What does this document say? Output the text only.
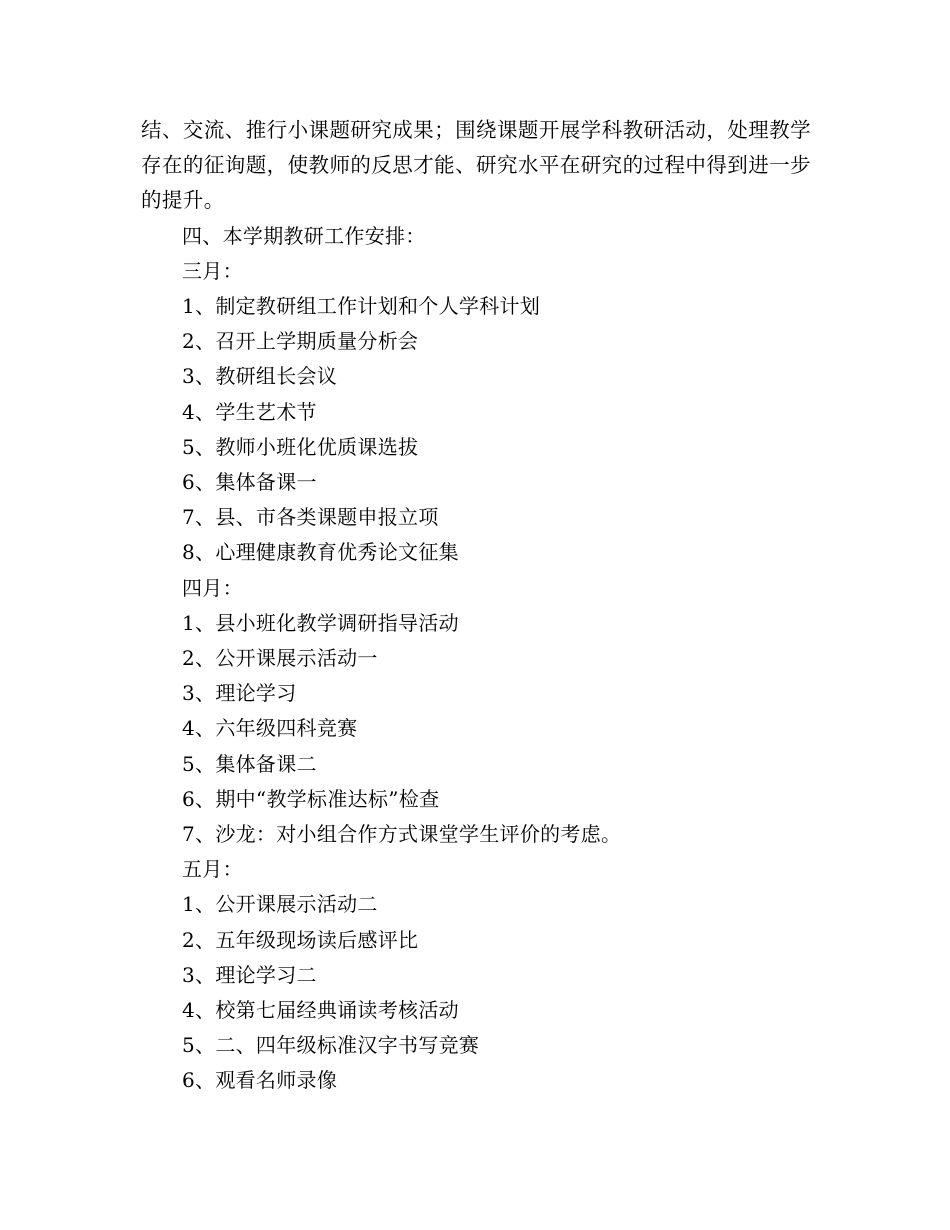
结、交流、推行小课题研究成果；围绕课题开展学科教研活动，处理教学存在的征询题，使教师的反思才能、研究水平在研究的过程中得到进一步的提升。

四、本学期教研工作安排：

三月：

1、制定教研组工作计划和个人学科计划

2、召开上学期质量分析会

3、教研组长会议

4、学生艺术节

5、教师小班化优质课选拔

6、集体备课一

7、县、市各类课题申报立项

8、心理健康教育优秀论文征集

四月：

1、县小班化教学调研指导活动

2、公开课展示活动一

3、理论学习

4、六年级四科竞赛

5、集体备课二

6、期中“教学标准达标”检查

7、沙龙：对小组合作方式课堂学生评价的考虑。

五月：

1、公开课展示活动二

2、五年级现场读后感评比

3、理论学习二

4、校第七届经典诵读考核活动

5、二、四年级标准汉字书写竞赛

6、观看名师录像
